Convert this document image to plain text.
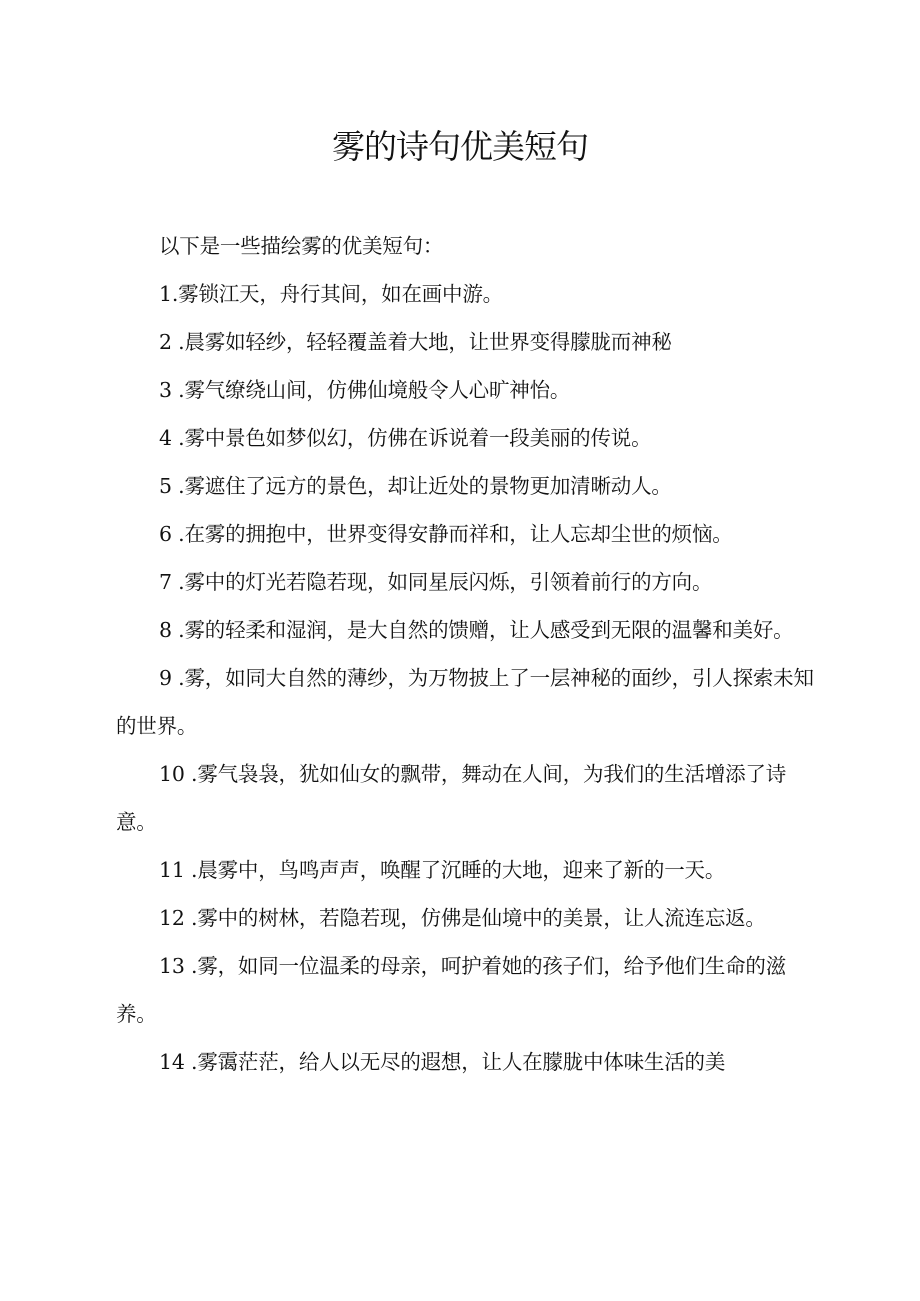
雾的诗句优美短句

以下是一些描绘雾的优美短句：

1.雾锁江天，舟行其间，如在画中游。

2 .晨雾如轻纱，轻轻覆盖着大地，让世界变得朦胧而神秘

3 .雾气缭绕山间，仿佛仙境般令人心旷神怡。

4 .雾中景色如梦似幻，仿佛在诉说着一段美丽的传说。

5 .雾遮住了远方的景色，却让近处的景物更加清晰动人。

6 .在雾的拥抱中，世界变得安静而祥和，让人忘却尘世的烦恼。

7 .雾中的灯光若隐若现，如同星辰闪烁，引领着前行的方向。

8 .雾的轻柔和湿润，是大自然的馈赠，让人感受到无限的温馨和美好。

9 .雾，如同大自然的薄纱，为万物披上了一层神秘的面纱，引人探索未知的世界。

10 .雾气袅袅，犹如仙女的飘带，舞动在人间，为我们的生活增添了诗意。

11 .晨雾中，鸟鸣声声，唤醒了沉睡的大地，迎来了新的一天。

12 .雾中的树林，若隐若现，仿佛是仙境中的美景，让人流连忘返。

13 .雾，如同一位温柔的母亲，呵护着她的孩子们，给予他们生命的滋养。

14 .雾霭茫茫，给人以无尽的遐想，让人在朦胧中体味生活的美
